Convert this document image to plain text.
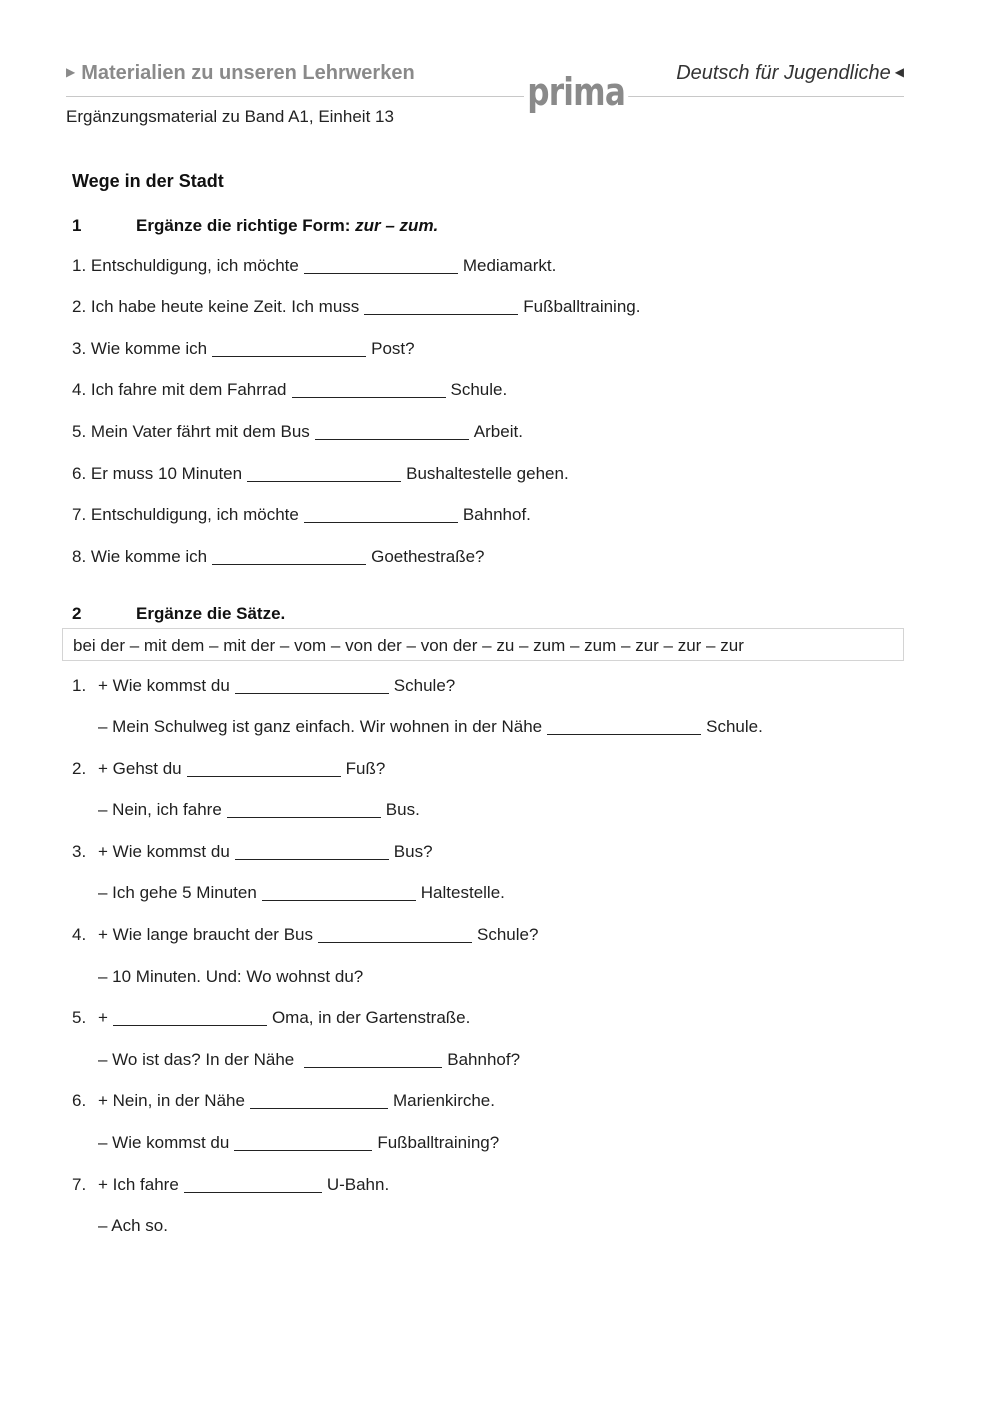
▶ Materialien zu unseren Lehrwerken	prima	Deutsch für Jugendliche ◀
Ergänzungsmaterial zu Band A1, Einheit 13
Wege in der Stadt
1	Ergänze die richtige Form: zur – zum.
1. Entschuldigung, ich möchte	Mediamarkt.
2. Ich habe heute keine Zeit. Ich muss	Fußballtraining.
3. Wie komme ich	Post?
4. Ich fahre mit dem Fahrrad	Schule.
5. Mein Vater fährt mit dem Bus	Arbeit.
6. Er muss 10 Minuten	Bushaltestelle gehen.
7. Entschuldigung, ich möchte	Bahnhof.
8. Wie komme ich	Goethestraße?
2	Ergänze die Sätze.
bei der – mit dem – mit der – vom – von der – von der – zu – zum – zum – zur – zur – zur
1. + Wie kommst du	Schule?
– Mein Schulweg ist ganz einfach. Wir wohnen in der Nähe	Schule.
2. + Gehst du	Fuß?
– Nein, ich fahre	Bus.
3. + Wie kommst du	Bus?
– Ich gehe 5 Minuten	Haltestelle.
4. + Wie lange braucht der Bus	Schule?
– 10 Minuten. Und: Wo wohnst du?
5. +	Oma, in der Gartenstraße.
– Wo ist das? In der Nähe	Bahnhof?
6. + Nein, in der Nähe	Marienkirche.
– Wie kommst du	Fußballtraining?
7. + Ich fahre	U-Bahn.
– Ach so.
